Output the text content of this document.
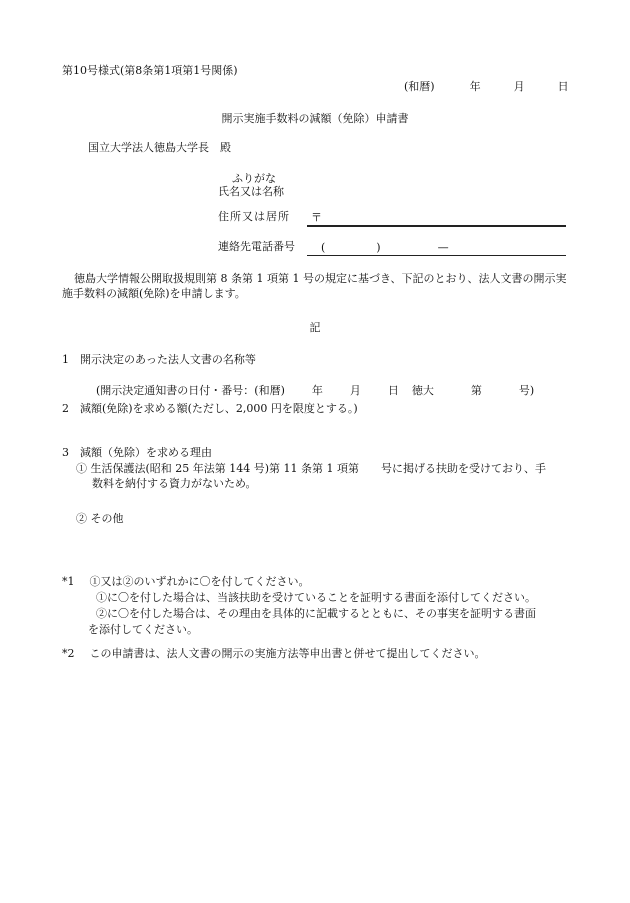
第10号様式(第8条第1項第1号関係)
(和暦)	年	月	日
開示実施手数料の減額（免除）申請書
国立大学法人徳島大学長　殿
ふりがな
氏名又は名称
住所又は居所	〒
連絡先電話番号	(	)	—
徳島大学情報公開取扱規則第 8 条第 1 項第 1 号の規定に基づき、下記のとおり、法人文書の開示実施手数料の減額(免除)を申請します。
記
1　開示決定のあった法人文書の名称等
(開示決定通知書の日付・番号：(和暦) 年 月 日 徳大	第	号)
2　減額(免除)を求める額(ただし、2,000 円を限度とする。)
3　減額（免除）を求める理由
① 生活保護法(昭和 25 年法第 144 号)第 11 条第 1 項第　　号に掲げる扶助を受けており、手
数料を納付する資力がないため。
② その他
*1 ①又は②のいずれかに〇を付してください。
①に〇を付した場合は、当該扶助を受けていることを証明する書面を添付してください。
②に〇を付した場合は、その理由を具体的に記載するとともに、その事実を証明する書面
を添付してください。
*2 この申請書は、法人文書の開示の実施方法等申出書と併せて提出してください。
